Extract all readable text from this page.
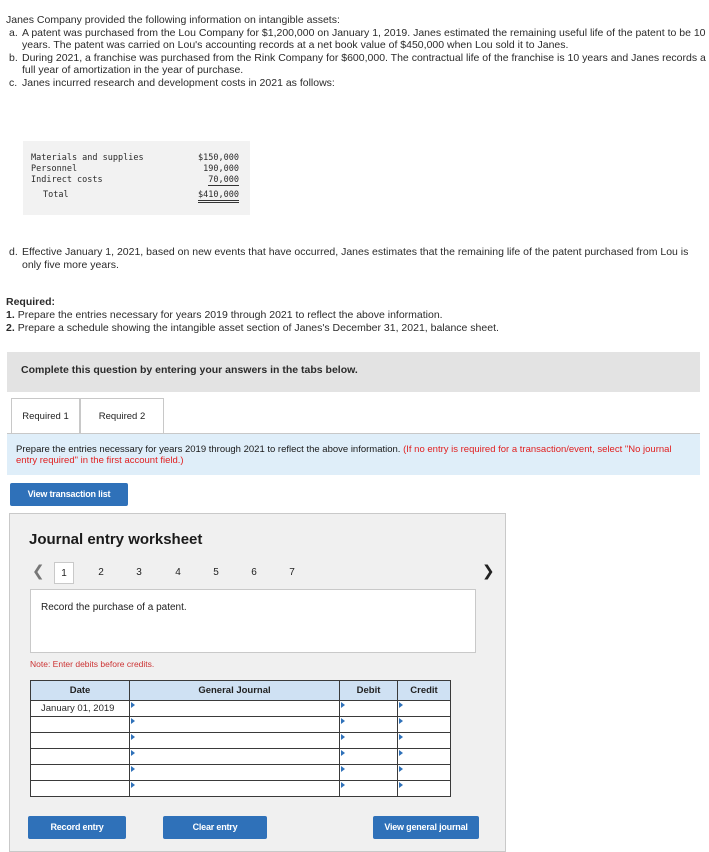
Janes Company provided the following information on intangible assets:

a. A patent was purchased from the Lou Company for $1,200,000 on January 1, 2019. Janes estimated the remaining useful life of the patent to be 10 years. The patent was carried on Lou's accounting records at a net book value of $450,000 when Lou sold it to Janes.
b. During 2021, a franchise was purchased from the Rink Company for $600,000. The contractual life of the franchise is 10 years and Janes records a full year of amortization in the year of purchase.
c. Janes incurred research and development costs in 2021 as follows:
Materials and supplies	$150,000
Personnel	190,000
Indirect costs	70,000
Total	$410,000
d. Effective January 1, 2021, based on new events that have occurred, Janes estimates that the remaining life of the patent purchased from Lou is only five more years.
Required:
1. Prepare the entries necessary for years 2019 through 2021 to reflect the above information.
2. Prepare a schedule showing the intangible asset section of Janes's December 31, 2021, balance sheet.
Complete this question by entering your answers in the tabs below.
Required 1	Required 2
Prepare the entries necessary for years 2019 through 2021 to reflect the above information. (If no entry is required for a transaction/event, select "No journal entry required" in the first account field.)
View transaction list
Journal entry worksheet
❮	1	2	3	4	5	6	7	❯
Record the purchase of a patent.
Note: Enter debits before credits.
Date	General Journal	Debit	Credit
January 01, 2019			

Record entry	Clear entry	View general journal
